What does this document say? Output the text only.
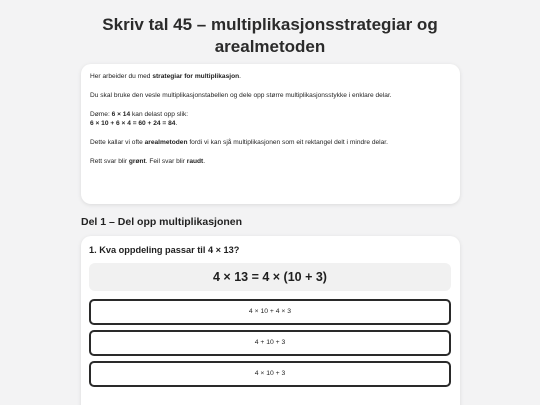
Skriv tal 45 – multiplikasjonsstrategiar og
arealmetoden

Her arbeider du med strategiar for multiplikasjon.

Du skal bruke den vesle multiplikasjonstabellen og dele opp større multiplikasjonsstykke i enklare delar.

Døme: 6 × 14 kan delast opp slik:
6 × 10 + 6 × 4 = 60 + 24 = 84.

Dette kallar vi ofte arealmetoden fordi vi kan sjå multiplikasjonen som eit rektangel delt i mindre delar.

Rett svar blir grønt. Feil svar blir raudt.

Del 1 – Del opp multiplikasjonen
1. Kva oppdeling passar til 4 × 13?
4 × 13 = 4 × (10 + 3)
4 × 10 + 4 × 3
4 + 10 + 3
4 × 10 + 3
